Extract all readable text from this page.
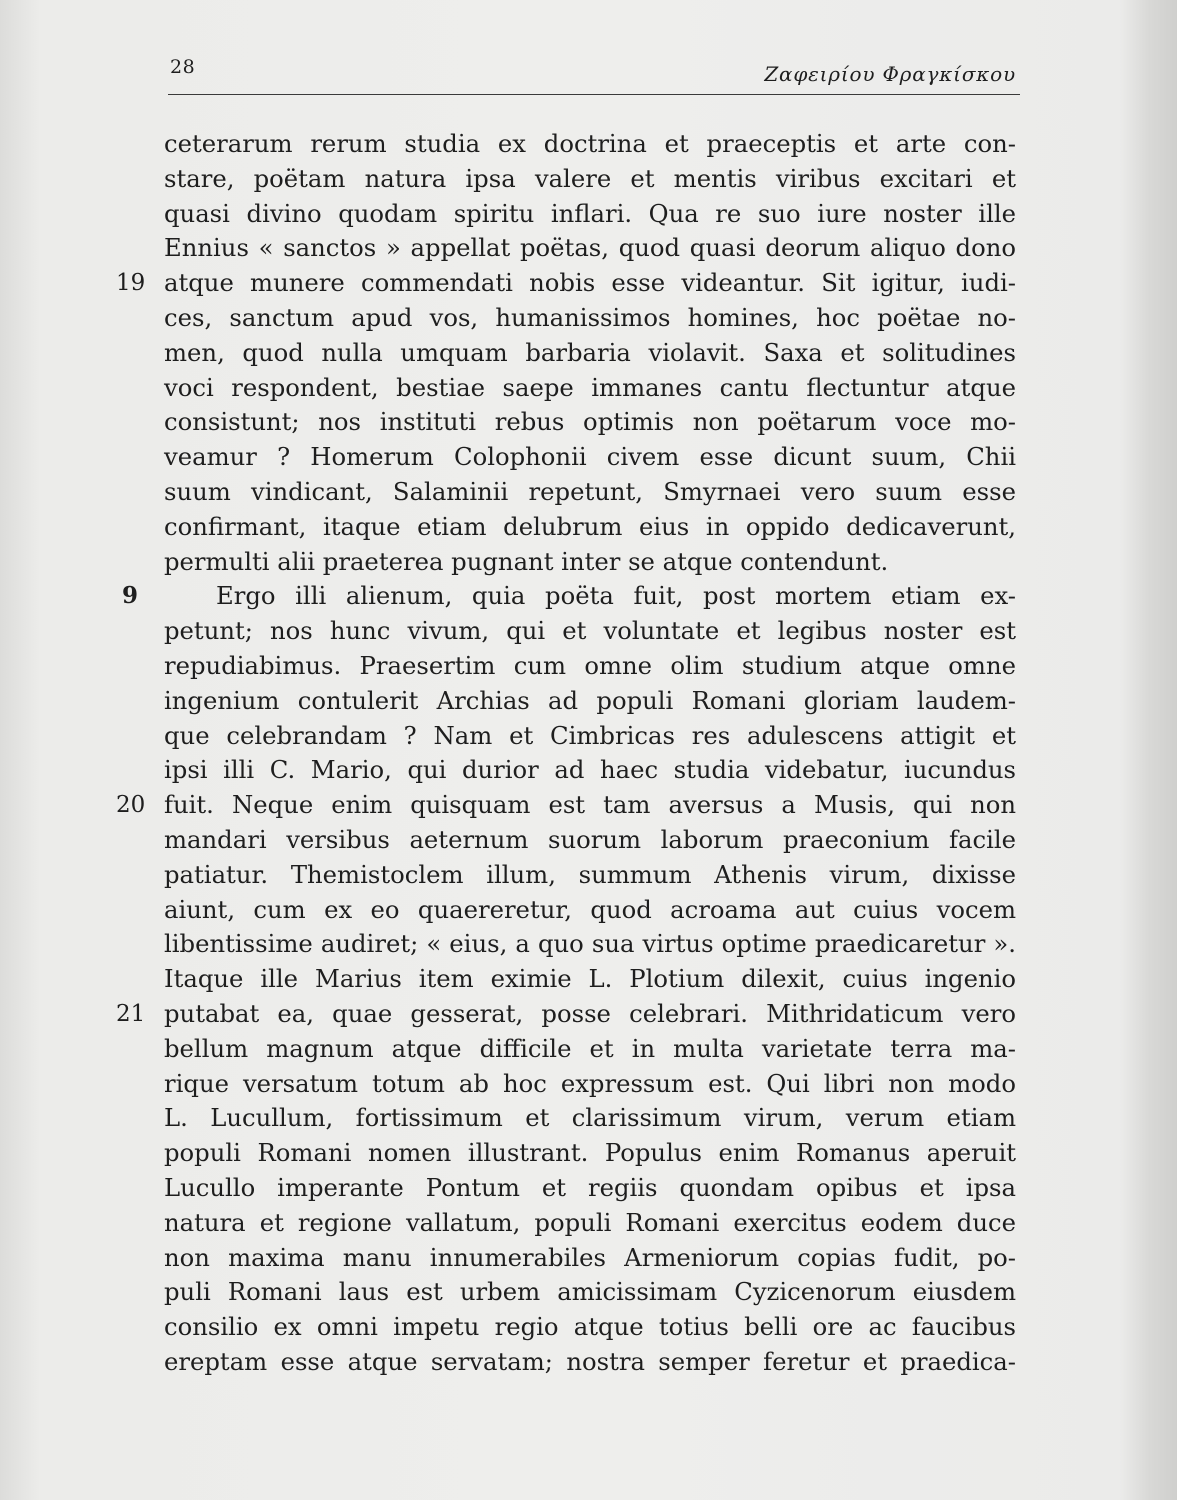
28	Ζαφειρίου Φραγκίσκου
ceterarum rerum studia ex doctrina et praeceptis et arte con-
stare, poëtam natura ipsa valere et mentis viribus excitari et
quasi divino quodam spiritu inflari. Qua re suo iure noster ille
Ennius « sanctos » appellat poëtas, quod quasi deorum aliquo dono
19 atque munere commendati nobis esse videantur. Sit igitur, iudi-
ces, sanctum apud vos, humanissimos homines, hoc poëtae no-
men, quod nulla umquam barbaria violavit. Saxa et solitudines
voci respondent, bestiae saepe immanes cantu flectuntur atque
consistunt; nos instituti rebus optimis non poëtarum voce mo-
veamur ? Homerum Colophonii civem esse dicunt suum, Chii
suum vindicant, Salaminii repetunt, Smyrnaei vero suum esse
confirmant, itaque etiam delubrum eius in oppido dedicaverunt,
permulti alii praeterea pugnant inter se atque contendunt.
9	Ergo illi alienum, quia poëta fuit, post mortem etiam ex-
petunt; nos hunc vivum, qui et voluntate et legibus noster est
repudiabimus. Praesertim cum omne olim studium atque omne
ingenium contulerit Archias ad populi Romani gloriam laudem-
que celebrandam ? Nam et Cimbricas res adulescens attigit et
ipsi illi C. Mario, qui durior ad haec studia videbatur, iucundus
20 fuit. Neque enim quisquam est tam aversus a Musis, qui non
mandari versibus aeternum suorum laborum praeconium facile
patiatur. Themistoclem illum, summum Athenis virum, dixisse
aiunt, cum ex eo quaereretur, quod acroama aut cuius vocem
libentissime audiret; « eius, a quo sua virtus optime praedicaretur ».
Itaque ille Marius item eximie L. Plotium dilexit, cuius ingenio
21 putabat ea, quae gesserat, posse celebrari. Mithridaticum vero
bellum magnum atque difficile et in multa varietate terra ma-
rique versatum totum ab hoc expressum est. Qui libri non modo
L. Lucullum, fortissimum et clarissimum virum, verum etiam
populi Romani nomen illustrant. Populus enim Romanus aperuit
Lucullo imperante Pontum et regiis quondam opibus et ipsa
natura et regione vallatum, populi Romani exercitus eodem duce
non maxima manu innumerabiles Armeniorum copias fudit, po-
puli Romani laus est urbem amicissimam Cyzicenorum eiusdem
consilio ex omni impetu regio atque totius belli ore ac faucibus
ereptam esse atque servatam; nostra semper feretur et praedica-
